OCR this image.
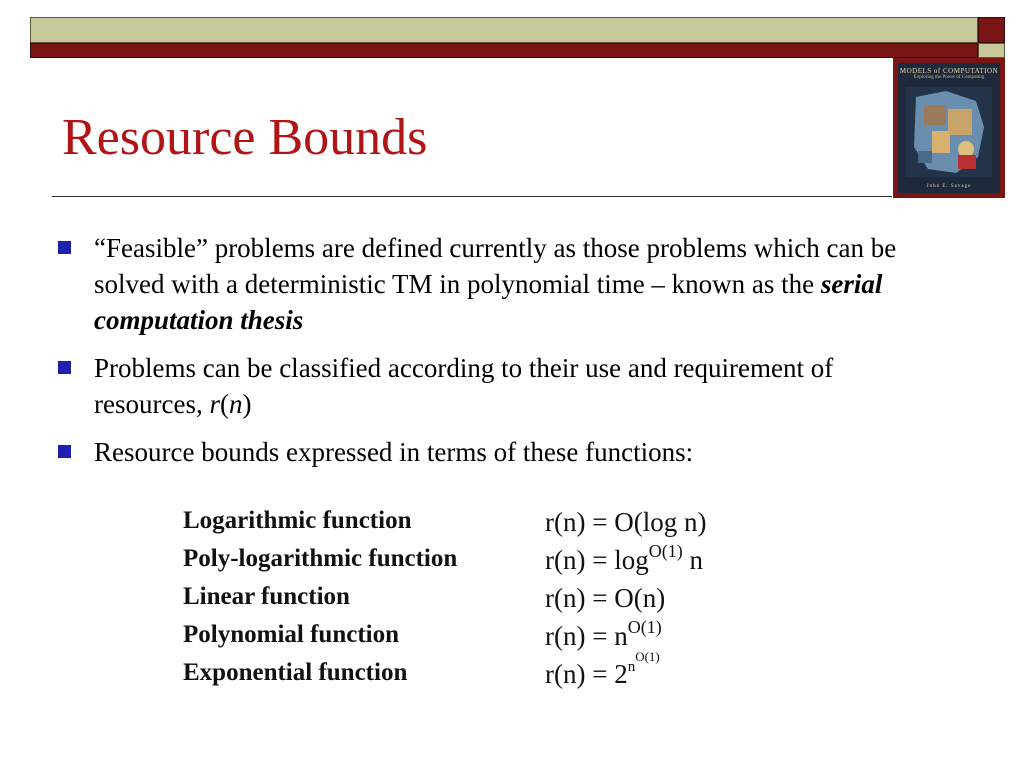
MODELS of COMPUTATION
Exploring the Power of Computing
John E. Savage
Resource Bounds
“Feasible” problems are defined currently as those problems which can be solved with a deterministic TM in polynomial time – known as the serial computation thesis
Problems can be classified according to their use and requirement of resources, r(n)
Resource bounds expressed in terms of these functions:
Logarithmic function	r(n) = O(log n)
Poly-logarithmic function	$r(n) = \log^{O(1)} n$
Linear function	r(n) = O(n)
Polynomial function	$r(n) = n^{O(1)}$
Exponential function	$r(n) = 2^{nO(1)}$
